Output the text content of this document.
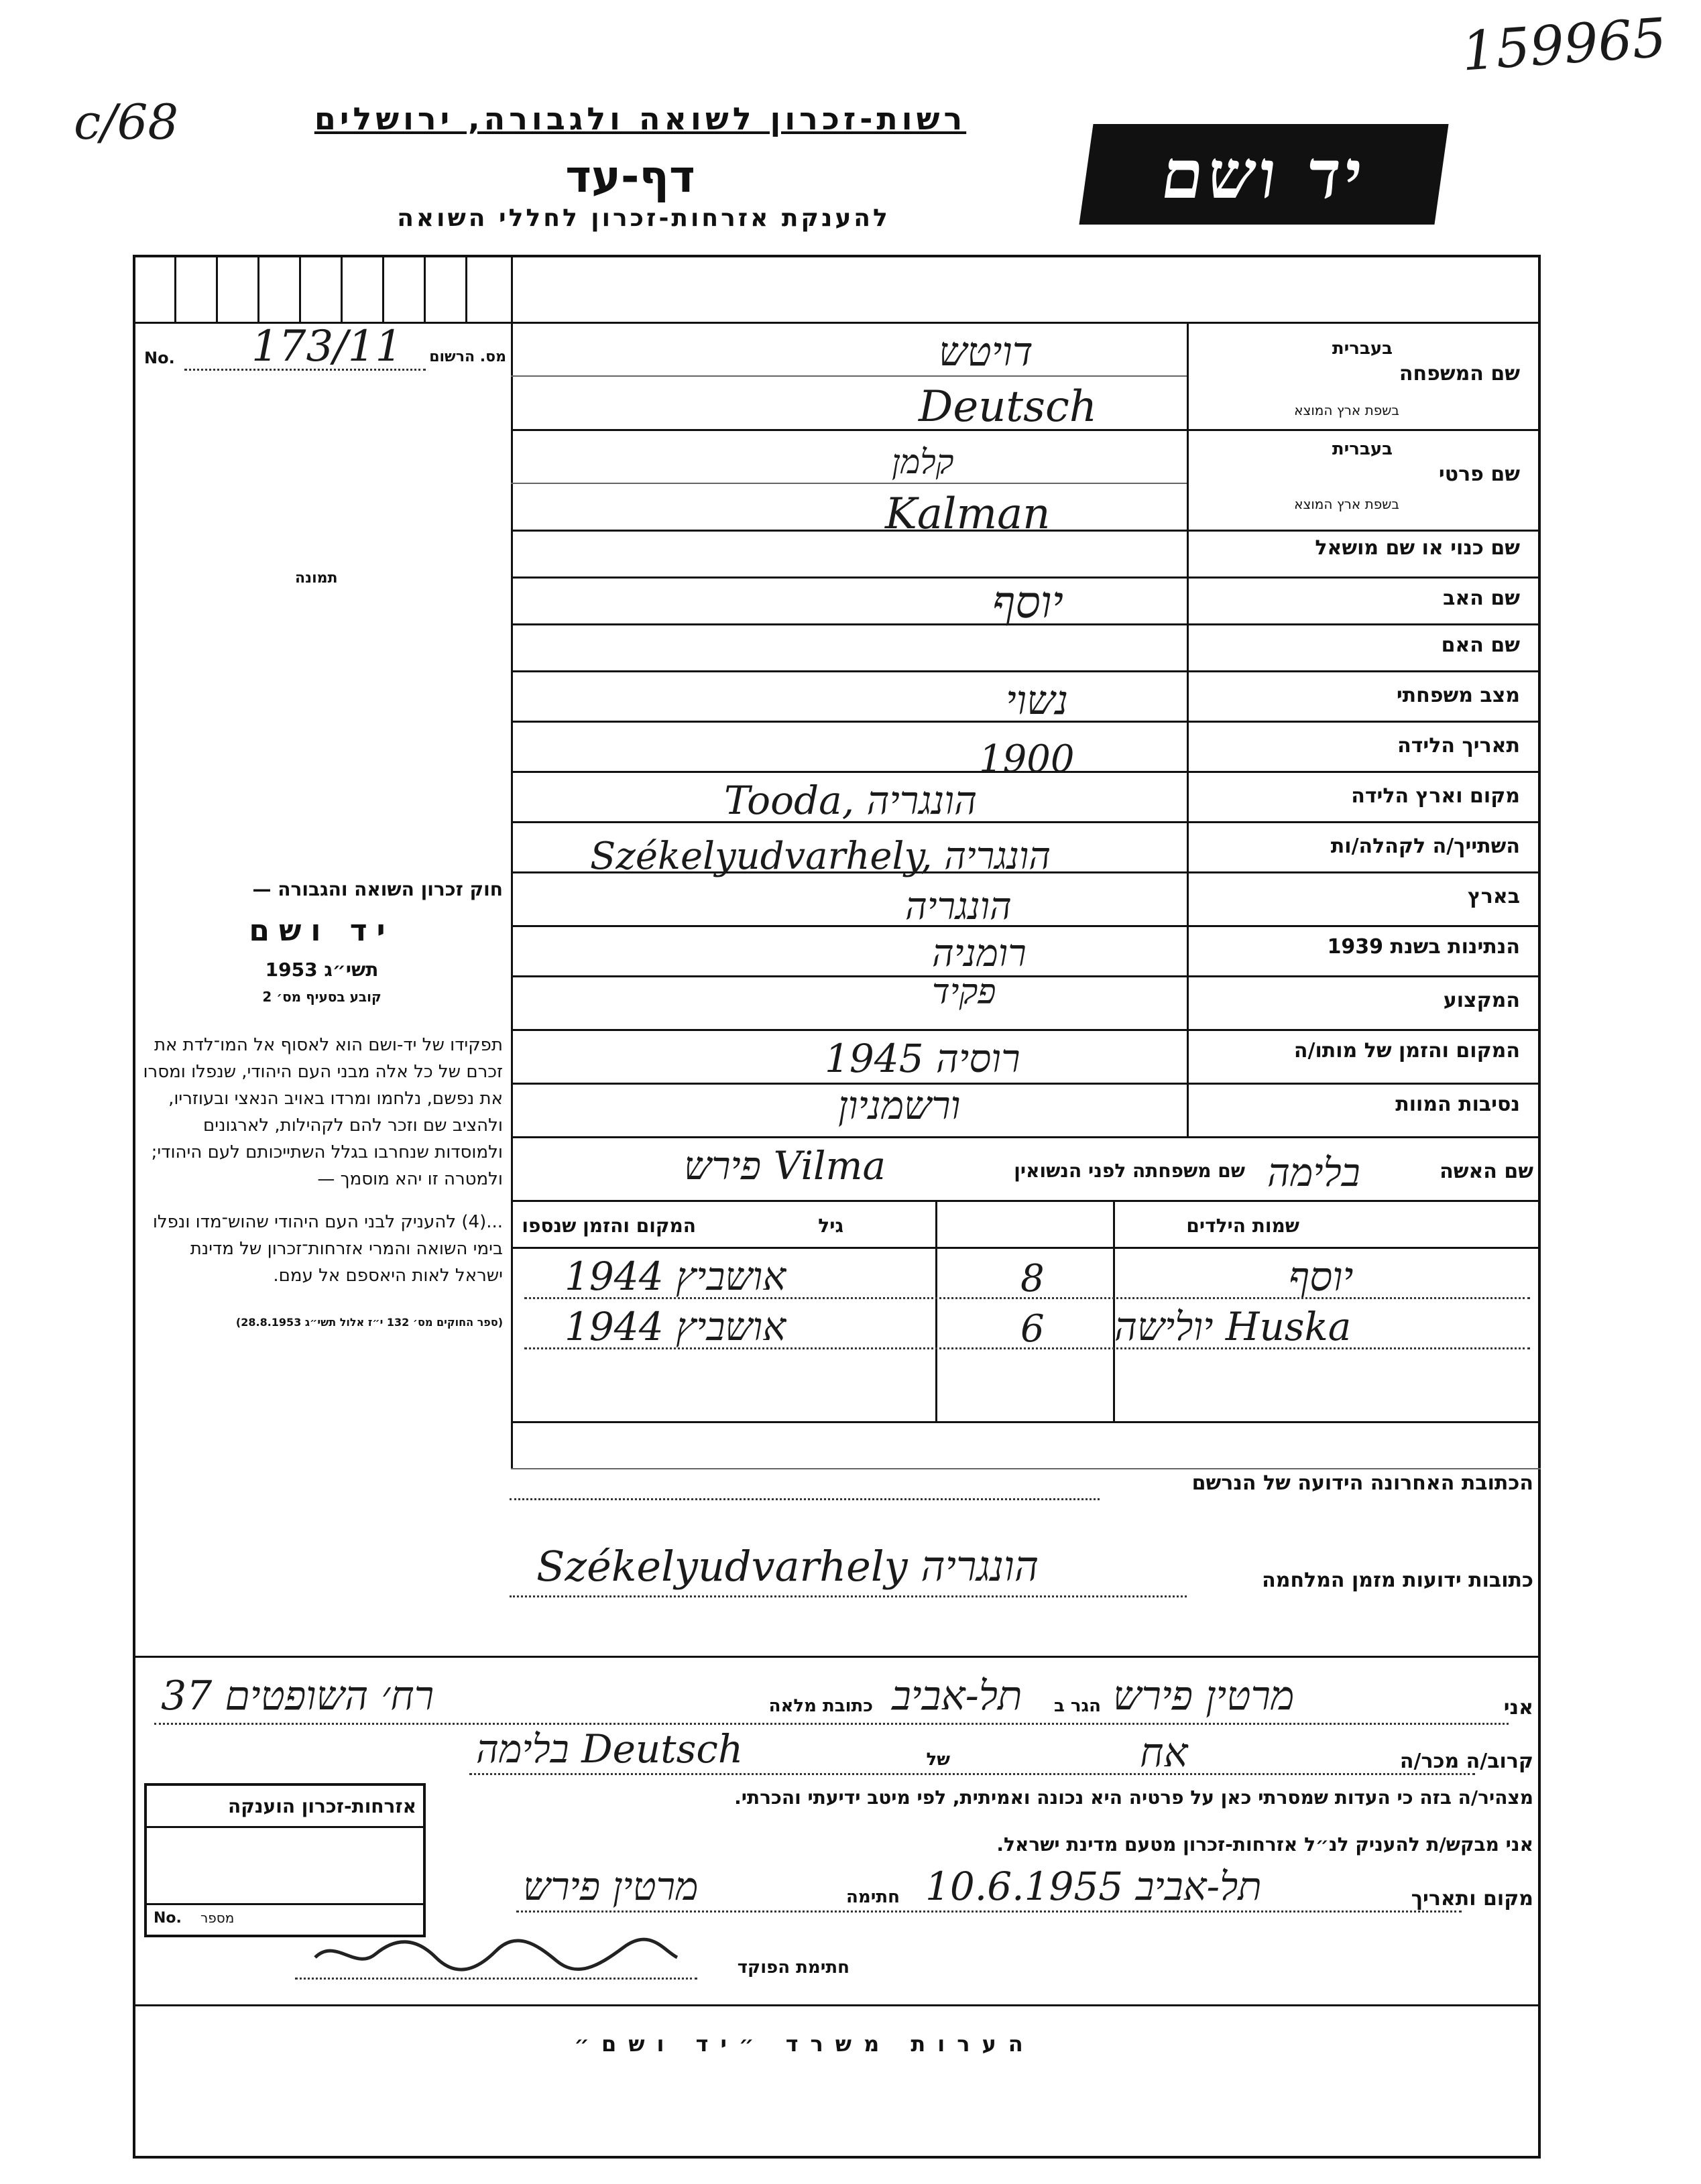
159965
c/68	רשות-זכרון לשואה ולגבורה, ירושלים
דף-עד
להענקת אזרחות-זכרון לחללי השואה
יד ושם
No. 173/11 מס. הרשום
תמונה
שם המשפחה
בעברית
בשפת ארץ המוצא
דויטש
Deutsch
שם פרטי
בעברית
בשפת ארץ המוצא
קלמן
Kalman
שם כנוי או שם מושאל
שם האב
יוסף
שם האם
מצב משפחתי
נשוי
תאריך הלידה
1900
מקום וארץ הלידה
Tooda, הונגריה
השתייך/ה לקהלה/ות
Székelyudvarhely, הונגריה
בארץ
הונגריה
הנתינות בשנת 1939
רומניה
המקצוע
פקיד
המקום והזמן של מותו/ה
1945 רוסיה
נסיבות המוות
ורשמניון
שם האשה
בלימה
שם משפחתה לפני הנשואין
פירש Vilma
שמות הילדים
גיל
המקום והזמן שנספו
יוסף
8
1944 אושביץ
יולישה Huska
6
1944 אושביץ
חוק זכרון השואה והגבורה —
יד ושם
תשי״ג 1953
קובע בסעיף מס׳ 2
תפקידו של יד-ושם הוא לאסוף אל המו־לדת את זכרם של כל אלה מבני העם היהודי, שנפלו ומסרו את נפשם, נלחמו ומרדו באויב הנאצי ובעוזריו, ולהציב שם וזכר להם לקהילות, לארגונים ולמוסדות שנחרבו בגלל השתייכותם לעם היהודי; ולמטרה זו יהא מוסמך —
...(4) להעניק לבני העם היהודי שהוש־מדו ונפלו בימי השואה והמרי אזרחות־זכרון של מדינת ישראל לאות היאספם אל עמם.
(ספר החוקים מס׳ 132 י״ז אלול תשי״ג 28.8.1953)
הכתובת האחרונה הידועה של הנרשם
כתובות ידועות מזמן המלחמה
Székelyudvarhely הונגריה
אני
מרטין פירש
הגר ב
תל-אביב
כתובת מלאה
רח׳ השופטים 37
קרוב/ה מכר/ה
אח
של
בלימה Deutsch
מצהיר/ה בזה כי העדות שמסרתי כאן על פרטיה היא נכונה ואמיתית, לפי מיטב ידיעתי והכרתי.
אני מבקש/ת להעניק לנ״ל אזרחות-זכרון מטעם מדינת ישראל.
מקום ותאריך
תל-אביב 10.6.1955
חתימה
מרטין פירש
חתימת הפוקד
אזרחות-זכרון הוענקה
No. מספר
הערות משרד ״יד ושם״
